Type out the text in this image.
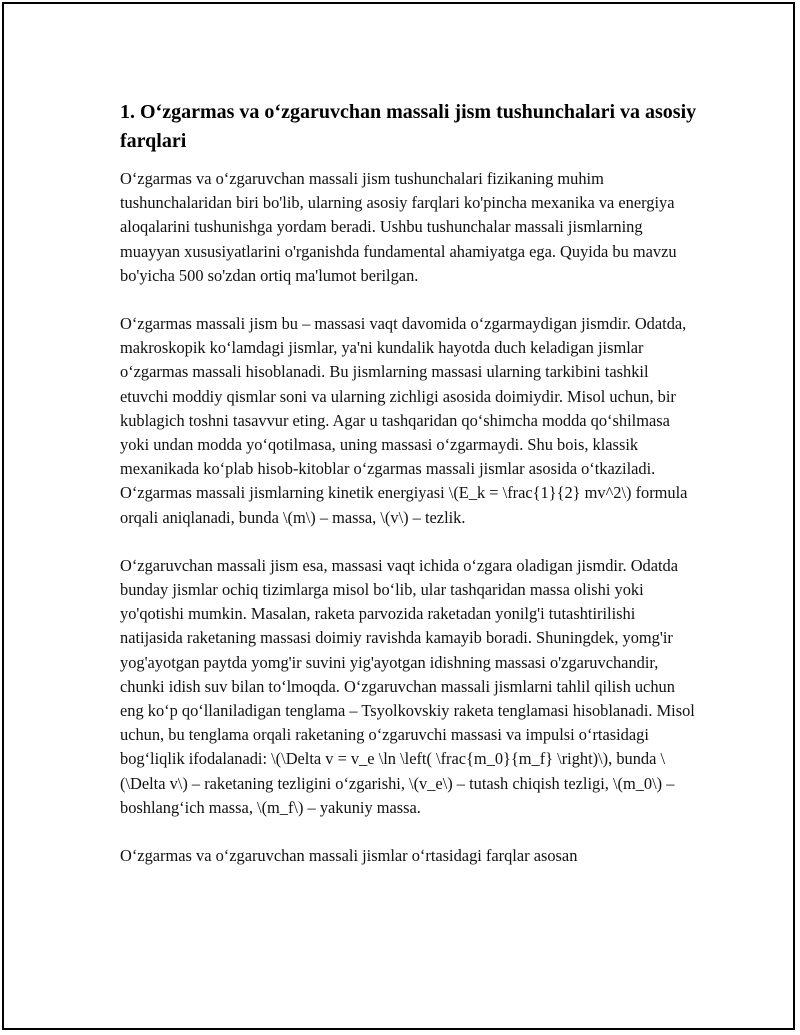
1. O‘zgarmas va o‘zgaruvchan massali jism tushunchalari va asosiy farqlari

O‘zgarmas va o‘zgaruvchan massali jism tushunchalari fizikaning muhim tushunchalaridan biri bo'lib, ularning asosiy farqlari ko'pincha mexanika va energiya aloqalarini tushunishga yordam beradi. Ushbu tushunchalar massali jismlarning muayyan xususiyatlarini o'rganishda fundamental ahamiyatga ega. Quyida bu mavzu bo'yicha 500 so'zdan ortiq ma'lumot berilgan.

O‘zgarmas massali jism bu – massasi vaqt davomida o‘zgarmaydigan jismdir. Odatda, makroskopik ko‘lamdagi jismlar, ya'ni kundalik hayotda duch keladigan jismlar o‘zgarmas massali hisoblanadi. Bu jismlarning massasi ularning tarkibini tashkil etuvchi moddiy qismlar soni va ularning zichligi asosida doimiydir. Misol uchun, bir kublagich toshni tasavvur eting. Agar u tashqaridan qo‘shimcha modda qo‘shilmasa yoki undan modda yo‘qotilmasa, uning massasi o‘zgarmaydi. Shu bois, klassik mexanikada ko‘plab hisob-kitoblar o‘zgarmas massali jismlar asosida o‘tkaziladi. O‘zgarmas massali jismlarning kinetik energiyasi \(E_k = \frac{1}{2} mv^2\) formula orqali aniqlanadi, bunda \(m\) – massa, \(v\) – tezlik.

O‘zgaruvchan massali jism esa, massasi vaqt ichida o‘zgara oladigan jismdir. Odatda bunday jismlar ochiq tizimlarga misol bo‘lib, ular tashqaridan massa olishi yoki yo'qotishi mumkin. Masalan, raketa parvozida raketadan yonilg'i tutashtirilishi natijasida raketaning massasi doimiy ravishda kamayib boradi. Shuningdek, yomg'ir yog'ayotgan paytda yomg'ir suvini yig'ayotgan idishning massasi o'zgaruvchandir, chunki idish suv bilan to‘lmoqda. O‘zgaruvchan massali jismlarni tahlil qilish uchun eng ko‘p qo‘llaniladigan tenglama – Tsyolkovskiy raketa tenglamasi hisoblanadi. Misol uchun, bu tenglama orqali raketaning o‘zgaruvchi massasi va impulsi o‘rtasidagi bog‘liqlik ifodalanadi: \(\Delta v = v_e \ln \left( \frac{m_0}{m_f} \right)\), bunda \(\Delta v\) – raketaning tezligini o‘zgarishi, \(v_e\) – tutash chiqish tezligi, \(m_0\) – boshlang‘ich massa, \(m_f\) – yakuniy massa.

O‘zgarmas va o‘zgaruvchan massali jismlar o‘rtasidagi farqlar asosan
